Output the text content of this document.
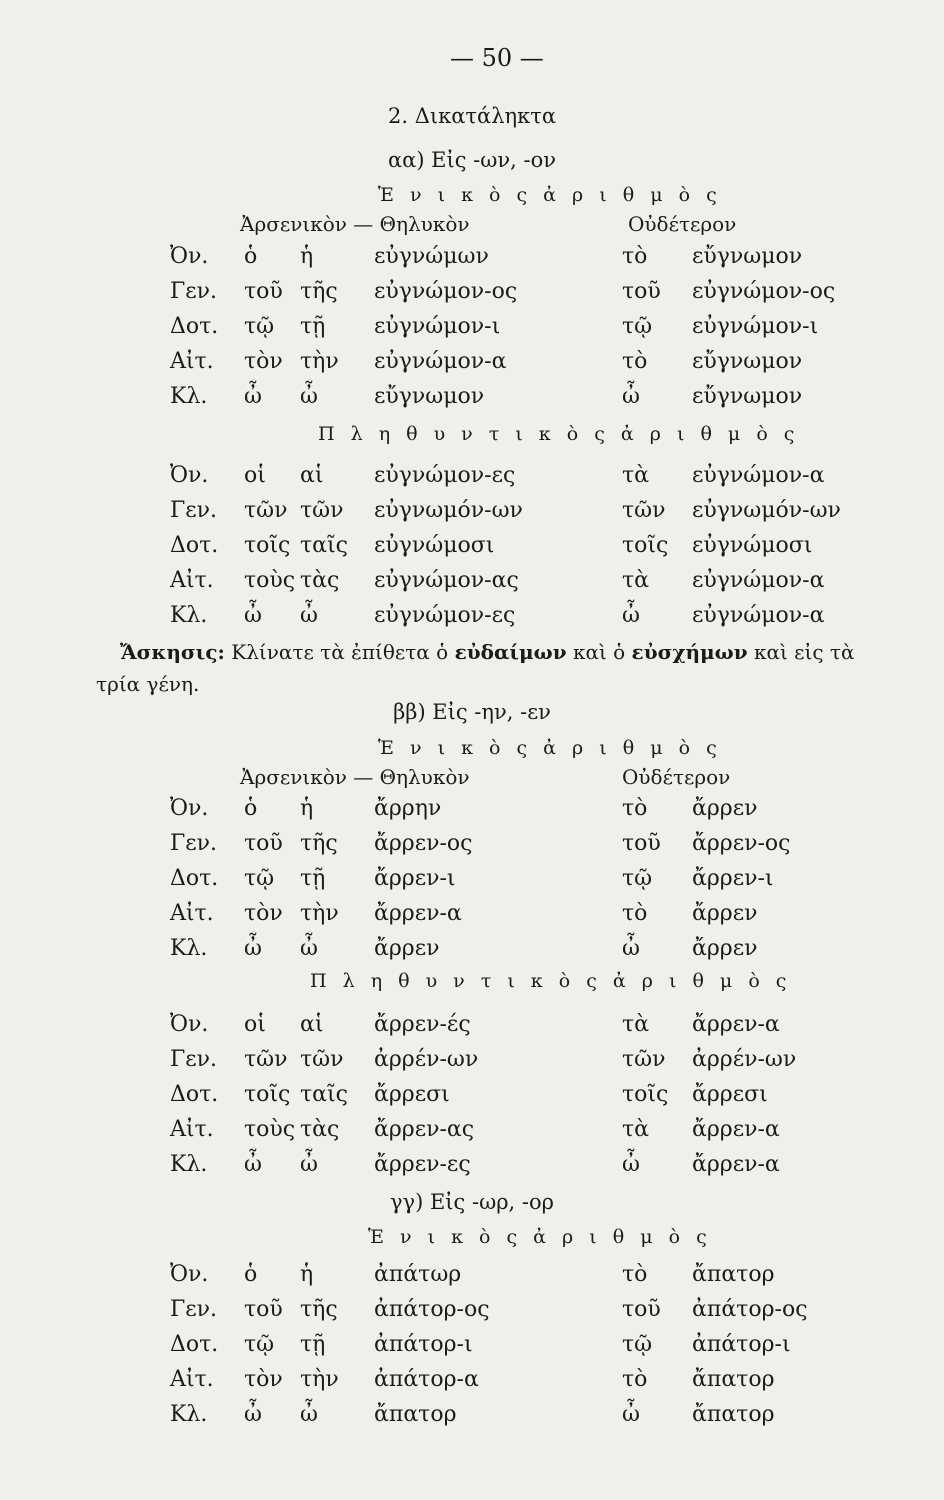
— 50 —
2. Δικατάληκτα
αα) Εἰς -ων, -ον
Ἑ ν ι κ ὸ ς ἀ ρ ι θ μ ὸ ς
Ἀρσενικὸν — Θηλυκὸν	Οὐδέτερον
Ὀν. ὁ ἡ	εὐγνώμων	τὸ εὔγνωμον
Γεν. τοῦ τῆς εὐγνώμον-ος	τοῦ εὐγνώμον-ος
Δοτ. τῷ τῇ εὐγνώμον-ι	τῷ εὐγνώμον-ι
Αἰτ. τὸν τὴν εὐγνώμον-α	τὸ εὔγνωμον
Κλ. ὦ ὦ	εὔγνωμον	ὦ εὔγνωμον
Π λ η θ υ ν τ ι κ ὸ ς ἀ ρ ι θ μ ὸ ς
Ὀν. οἱ αἱ εὐγνώμον-ες	τὰ εὐγνώμον-α
Γεν. τῶν τῶν εὐγνωμόν-ων	τῶν εὐγνωμόν-ων
Δοτ. τοῖς ταῖς εὐγνώμοσι	τοῖς εὐγνώμοσι
Αἰτ. τοὺς τὰς εὐγνώμον-ας	τὰ εὐγνώμον-α
Κλ. ὦ ὦ	εὐγνώμον-ες	ὦ εὐγνώμον-α
Ἄσκησις: Κλίνατε τὰ ἐπίθετα ὁ εὐδαίμων καὶ ὁ εὐσχήμων καὶ εἰς τὰ
τρία γένη.
ββ) Εἰς -ην, -εν
Ἑ ν ι κ ὸ ς ἀ ρ ι θ μ ὸ ς
Ἀρσενικὸν — Θηλυκὸν	Οὐδέτερον
Ὀν. ὁ ἡ	ἄρρην	τὸ ἄρρεν
Γεν. τοῦ τῆς ἄρρεν-ος	τοῦ ἄρρεν-ος
Δοτ. τῷ τῇ ἄρρεν-ι	τῷ ἄρρεν-ι
Αἰτ. τὸν τὴν ἄρρεν-α	τὸ ἄρρεν
Κλ. ὦ ὦ	ἄρρεν	ὦ ἄρρεν
Π λ η θ υ ν τ ι κ ὸ ς ἀ ρ ι θ μ ὸ ς
Ὀν. οἱ αἱ ἄρρεν-ές	τὰ ἄρρεν-α
Γεν. τῶν τῶν ἀρρέν-ων	τῶν ἀρρέν-ων
Δοτ. τοῖς ταῖς ἄρρεσι	τοῖς ἄρρεσι
Αἰτ. τοὺς τὰς ἄρρεν-ας	τὰ ἄρρεν-α
Κλ. ὦ ὦ	ἄρρεν-ες	ὦ ἄρρεν-α
γγ) Εἰς -ωρ, -ορ
Ἑ ν ι κ ὸ ς ἀ ρ ι θ μ ὸ ς
Ὀν. ὁ ἡ	ἀπάτωρ	τὸ ἄπατορ
Γεν. τοῦ τῆς ἀπάτορ-ος	τοῦ ἀπάτορ-ος
Δοτ. τῷ τῇ ἀπάτορ-ι	τῷ ἀπάτορ-ι
Αἰτ. τὸν τὴν ἀπάτορ-α	τὸ ἄπατορ
Κλ. ὦ ὦ	ἄπατορ	ὦ ἄπατορ
